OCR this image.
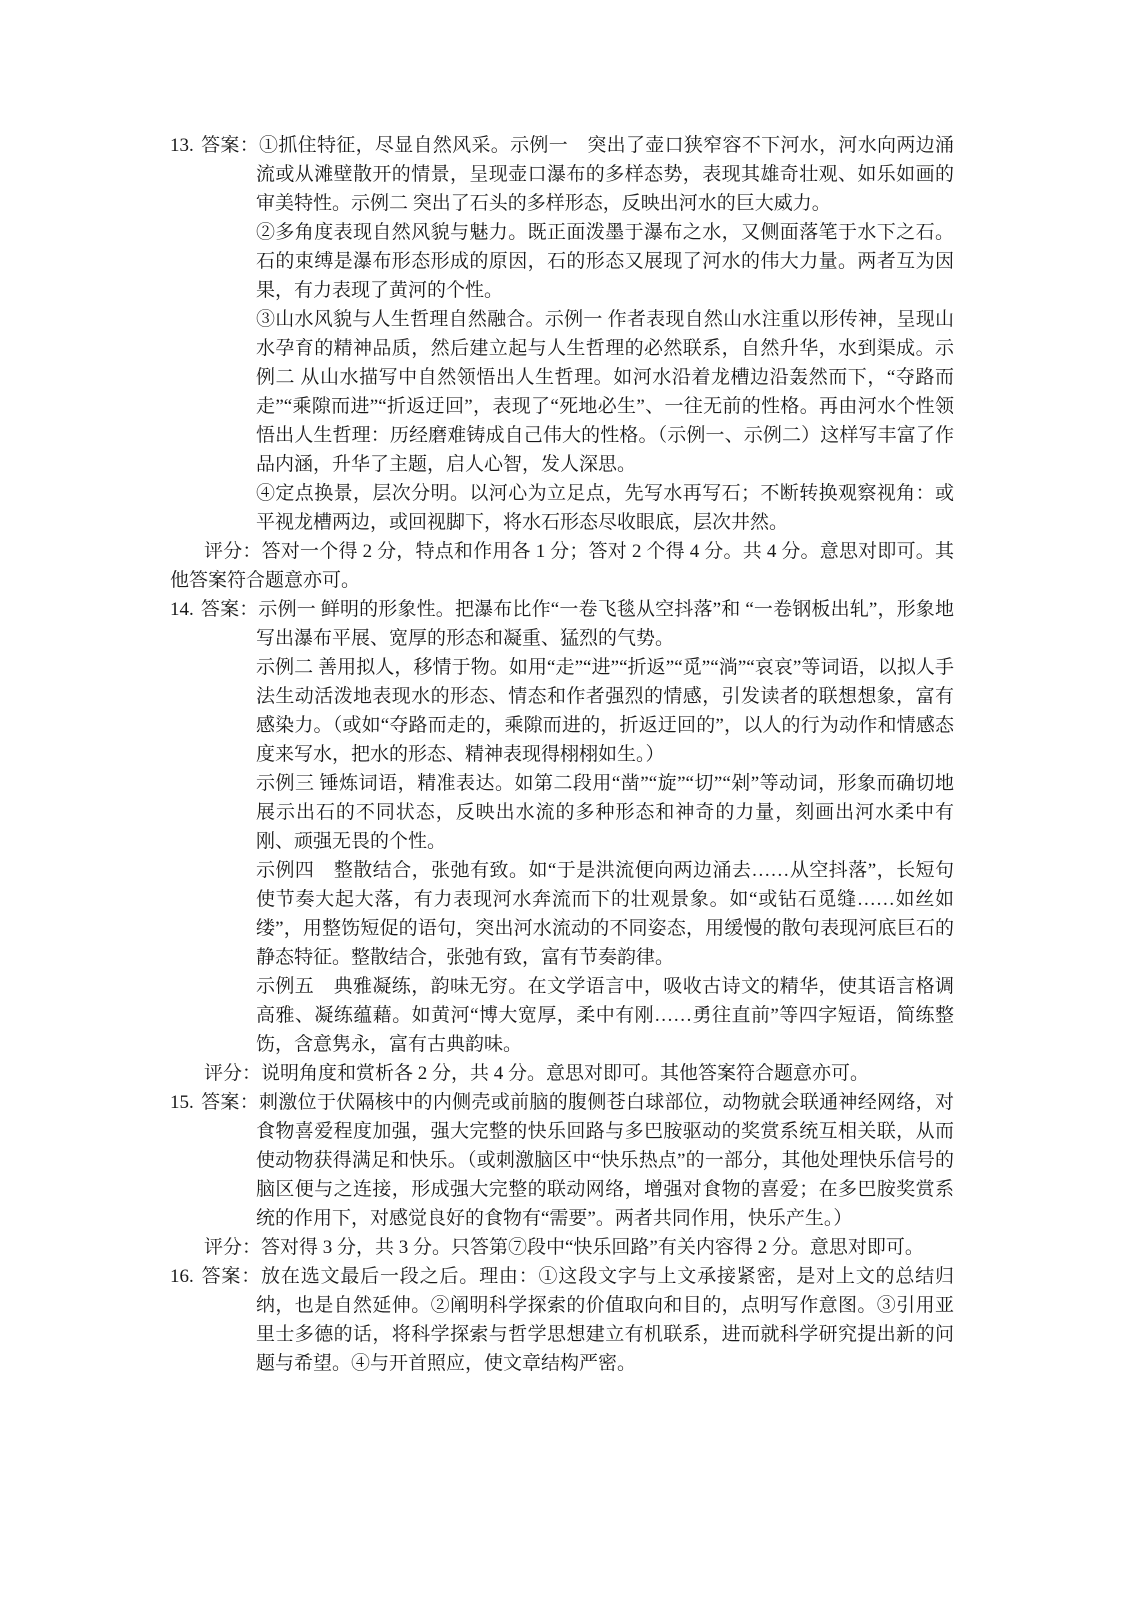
13. 答案：①抓住特征，尽显自然风采。示例一　突出了壶口狭窄容不下河水，河水向两边涌流或从滩壁散开的情景，呈现壶口瀑布的多样态势，表现其雄奇壮观、如乐如画的审美特性。示例二 突出了石头的多样形态，反映出河水的巨大威力。

②多角度表现自然风貌与魅力。既正面泼墨于瀑布之水，又侧面落笔于水下之石。石的束缚是瀑布形态形成的原因，石的形态又展现了河水的伟大力量。两者互为因果，有力表现了黄河的个性。

③山水风貌与人生哲理自然融合。示例一 作者表现自然山水注重以形传神，呈现山水孕育的精神品质，然后建立起与人生哲理的必然联系，自然升华，水到渠成。示例二 从山水描写中自然领悟出人生哲理。如河水沿着龙槽边沿轰然而下，“夺路而走”“乘隙而进”“折返迂回”，表现了“死地必生”、一往无前的性格。再由河水个性领悟出人生哲理：历经磨难铸成自己伟大的性格。（示例一、示例二）这样写丰富了作品内涵，升华了主题，启人心智，发人深思。

④定点换景，层次分明。以河心为立足点，先写水再写石；不断转换观察视角：或平视龙槽两边，或回视脚下，将水石形态尽收眼底，层次井然。

评分：答对一个得 2 分，特点和作用各 1 分；答对 2 个得 4 分。共 4 分。意思对即可。其他答案符合题意亦可。

14. 答案：示例一 鲜明的形象性。把瀑布比作“一卷飞毯从空抖落”和 “一卷钢板出轧”，形象地写出瀑布平展、宽厚的形态和凝重、猛烈的气势。

示例二 善用拟人，移情于物。如用“走”“进”“折返”“觅”“淌”“哀哀”等词语，以拟人手法生动活泼地表现水的形态、情态和作者强烈的情感，引发读者的联想想象，富有感染力。（或如“夺路而走的，乘隙而进的，折返迂回的”，以人的行为动作和情感态度来写水，把水的形态、精神表现得栩栩如生。）

示例三 锤炼词语，精准表达。如第二段用“凿”“旋”“切”“剁”等动词，形象而确切地展示出石的不同状态，反映出水流的多种形态和神奇的力量，刻画出河水柔中有刚、顽强无畏的个性。

示例四　整散结合，张弛有致。如“于是洪流便向两边涌去……从空抖落”，长短句使节奏大起大落，有力表现河水奔流而下的壮观景象。如“或钻石觅缝……如丝如缕”，用整饬短促的语句，突出河水流动的不同姿态，用缓慢的散句表现河底巨石的静态特征。整散结合，张弛有致，富有节奏韵律。

示例五　典雅凝练，韵味无穷。在文学语言中，吸收古诗文的精华，使其语言格调高雅、凝练蕴藉。如黄河“博大宽厚，柔中有刚……勇往直前”等四字短语，简练整饬，含意隽永，富有古典韵味。

评分：说明角度和赏析各 2 分，共 4 分。意思对即可。其他答案符合题意亦可。

15. 答案：刺激位于伏隔核中的内侧壳或前脑的腹侧苍白球部位，动物就会联通神经网络，对食物喜爱程度加强，强大完整的快乐回路与多巴胺驱动的奖赏系统互相关联，从而使动物获得满足和快乐。（或刺激脑区中“快乐热点”的一部分，其他处理快乐信号的脑区便与之连接，形成强大完整的联动网络，增强对食物的喜爱；在多巴胺奖赏系统的作用下，对感觉良好的食物有“需要”。两者共同作用，快乐产生。）

评分：答对得 3 分，共 3 分。只答第⑦段中“快乐回路”有关内容得 2 分。意思对即可。

16. 答案：放在选文最后一段之后。理由：①这段文字与上文承接紧密，是对上文的总结归纳，也是自然延伸。②阐明科学探索的价值取向和目的，点明写作意图。③引用亚里士多德的话，将科学探索与哲学思想建立有机联系，进而就科学研究提出新的问题与希望。④与开首照应，使文章结构严密。
